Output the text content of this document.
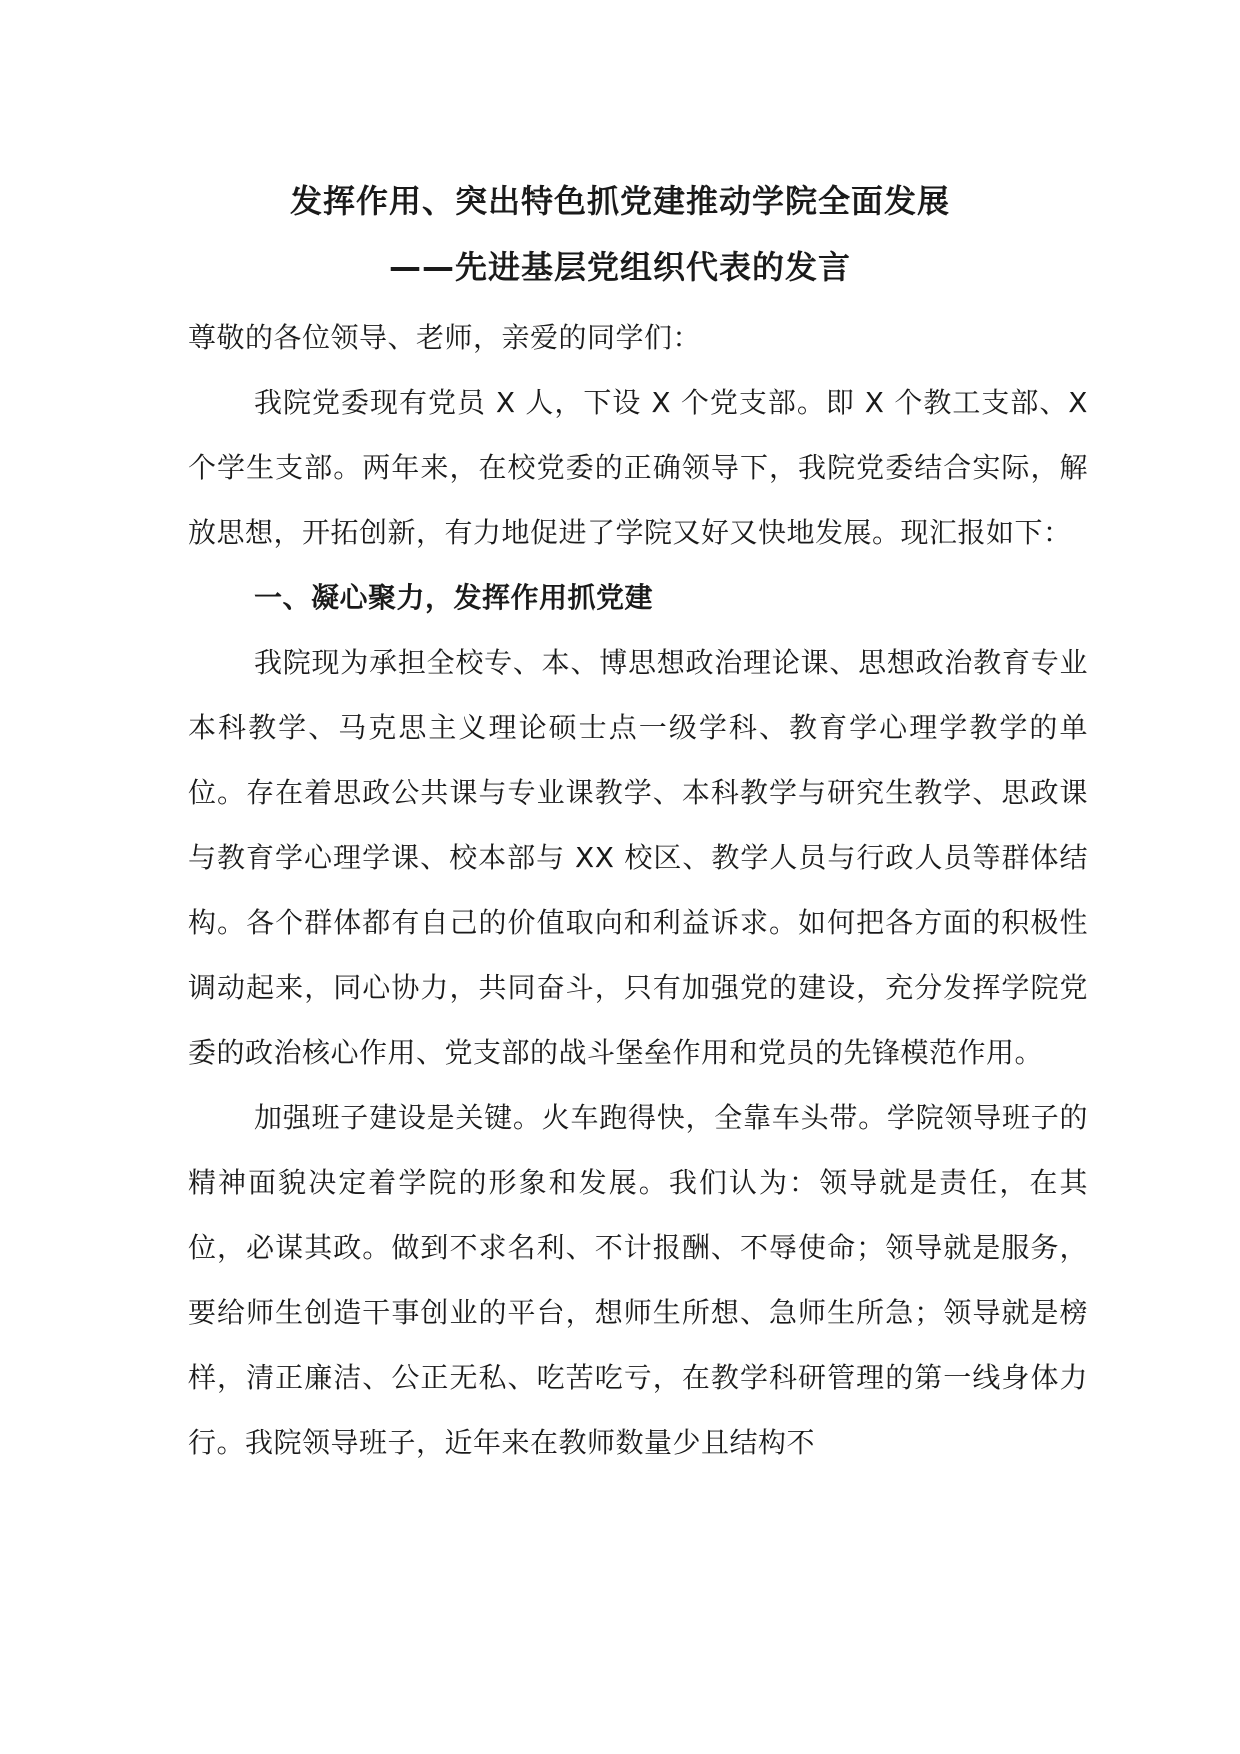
发挥作用、突出特色抓党建推动学院全面发展
——先进基层党组织代表的发言

尊敬的各位领导、老师，亲爱的同学们：

我院党委现有党员 X 人，下设 X 个党支部。即 X 个教工支部、X 个学生支部。两年来，在校党委的正确领导下，我院党委结合实际，解放思想，开拓创新，有力地促进了学院又好又快地发展。现汇报如下：

一、凝心聚力，发挥作用抓党建

我院现为承担全校专、本、博思想政治理论课、思想政治教育专业本科教学、马克思主义理论硕士点一级学科、教育学心理学教学的单位。存在着思政公共课与专业课教学、本科教学与研究生教学、思政课与教育学心理学课、校本部与 XX 校区、教学人员与行政人员等群体结构。各个群体都有自己的价值取向和利益诉求。如何把各方面的积极性调动起来，同心协力，共同奋斗，只有加强党的建设，充分发挥学院党委的政治核心作用、党支部的战斗堡垒作用和党员的先锋模范作用。

加强班子建设是关键。火车跑得快，全靠车头带。学院领导班子的精神面貌决定着学院的形象和发展。我们认为：领导就是责任，在其位，必谋其政。做到不求名利、不计报酬、不辱使命；领导就是服务，要给师生创造干事创业的平台，想师生所想、急师生所急；领导就是榜样，清正廉洁、公正无私、吃苦吃亏，在教学科研管理的第一线身体力行。我院领导班子，近年来在教师数量少且结构不
